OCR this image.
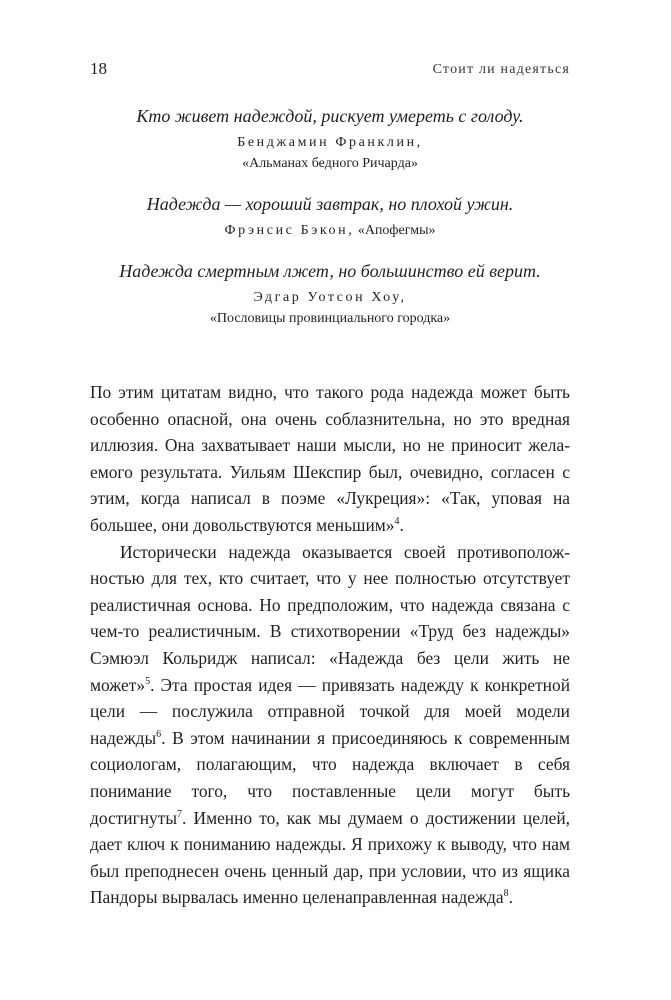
18	Стоит ли надеяться

Кто живет надеждой, рискует умереть с голоду.

Бенджамин Франклин,
«Альманах бедного Ричарда»

Надежда — хороший завтрак, но плохой ужин.

Фрэнсис Бэкон, «Апофегмы»

Надежда смертным лжет, но большинство ей верит.

Эдгар Уотсон Хоу,
«Пословицы провинциального городка»

По этим цитатам видно, что такого рода надежда может быть особенно опасной, она очень соблазнительна, но это вредная иллюзия. Она захватывает наши мысли, но не приносит желаемого результата. Уильям Шекспир был, очевидно, согласен с этим, когда написал в поэме «Лукреция»: «Так, уповая на большее, они довольствуются меньшим»$^4$.

Исторически надежда оказывается своей противоположностью для тех, кто считает, что у нее полностью отсутствует реалистичная основа. Но предположим, что надежда связана с чем-то реалистичным. В стихотворении «Труд без надежды» Сэмюэл Кольридж написал: «Надежда без цели жить не может»$^5$. Эта простая идея — привязать надежду к конкретной цели — послужила отправной точкой для моей модели надежды$^6$. В этом начинании я присоединяюсь к современным социологам, полагающим, что надежда включает в себя понимание того, что поставленные цели могут быть достигнуты$^7$. Именно то, как мы думаем о достижении целей, дает ключ к пониманию надежды. Я прихожу к выводу, что нам был преподнесен очень ценный дар, при условии, что из ящика Пандоры вырвалась именно целенаправленная надежда$^8$.
